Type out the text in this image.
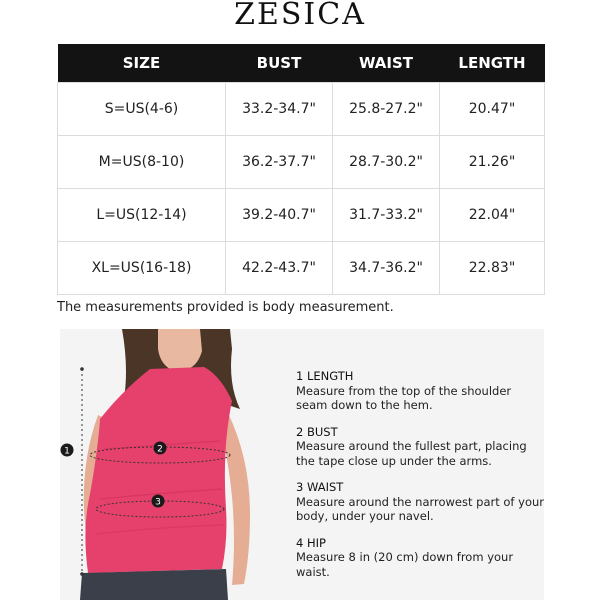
ZESICA
SIZE	BUST	WAIST	LENGTH
S=US(4-6)	33.2-34.7"	25.8-27.2"	20.47"
M=US(8-10)	36.2-37.7"	28.7-30.2"	21.26"
L=US(12-14)	39.2-40.7"	31.7-33.2"	22.04"
XL=US(16-18)	42.2-43.7"	34.7-36.2"	22.83"
The measurements provided is body measurement.
1	2
3
1 LENGTH
Measure from the top of the shoulder seam down to the hem.
2 BUST
Measure around the fullest part, placing the tape close up under the arms.
3 WAIST
Measure around the narrowest part of your body, under your navel.
4 HIP
Measure 8 in (20 cm) down from your waist.
